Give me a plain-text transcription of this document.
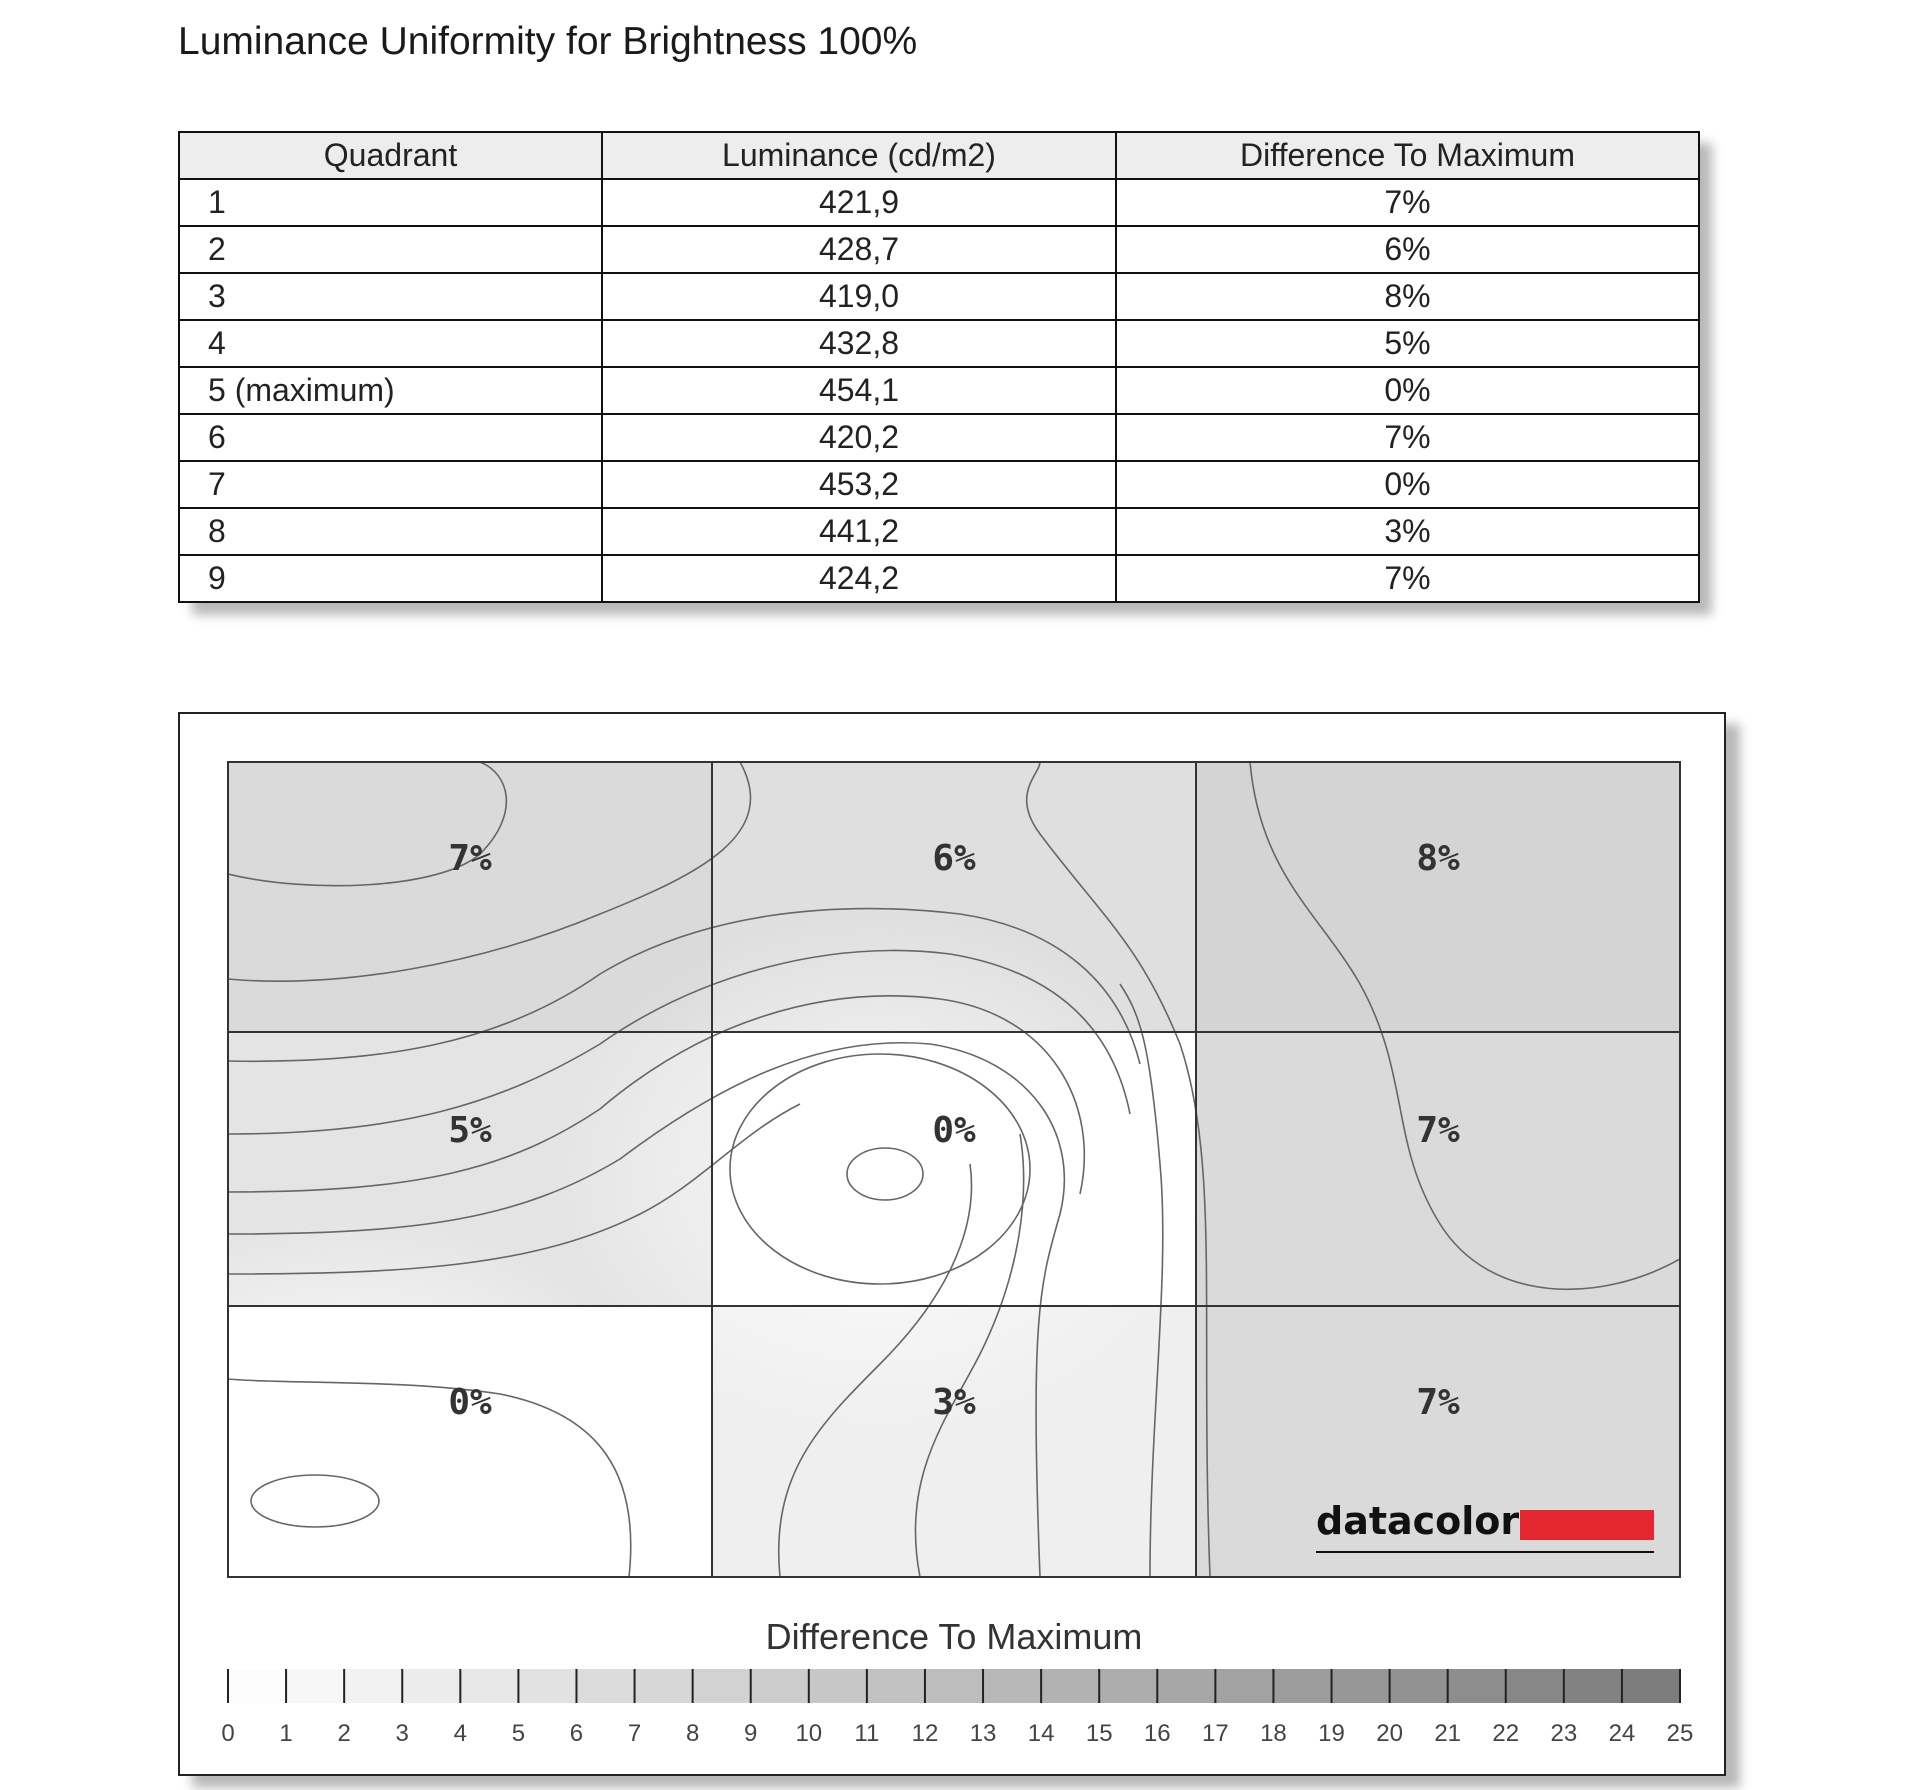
Luminance Uniformity for Brightness 100%
Quadrant	Luminance (cd/m2)	Difference To Maximum
1	421,9	7%
2	428,7	6%
3	419,0	8%
4	432,8	5%
5 (maximum)	454,1	0%
6	420,2	7%
7	453,2	0%
8	441,2	3%
9	424,2	7%
7%	6%	8%
5%	0%	7%
0%	3%	7%
datacolor
Difference To Maximum
0 1 2 3 4 5 6 7 8 9 10 11 12 13 14 15 16 17 18 19 20 21 22 23 24 25
